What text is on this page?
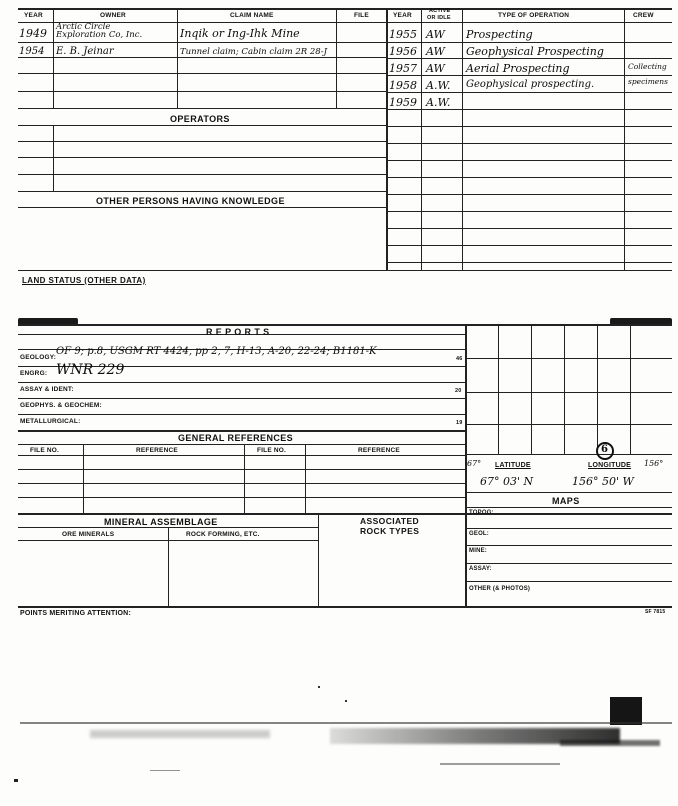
YEAR	OWNER	CLAIM NAME	FILE	YEAR
ACTIVE
OR IDLE	TYPE OF OPERATION	CREW
1949 Arctic Circle
Exploration Co, Inc.	Inqik or Ing-Ihk Mine
1954 E. B. Jeinar	Tunnel claim; Cabin claim 2R 28-J
1955 AW Prospecting
1956 AW Geophysical Prospecting
1957 AW Aerial Prospecting	Collecting
1958 A.W. Geophysical prospecting.	specimens
1959 A.W.
OPERATORS
OTHER PERSONS HAVING KNOWLEDGE
LAND STATUS (OTHER DATA)
R E P O R T S
GEOLOGY:
OF 9; p.8, USGM RT 4424, pp 2, 7, H-13, A-20, 22-24; B1181-K
46
ENGRG: WNR 229
ASSAY & IDENT:	20
GEOPHYS. & GEOCHEM:
METALLURGICAL:	19
GENERAL REFERENCES
FILE NO.	REFERENCE	FILE NO.	REFERENCE
67° LATITUDE	LONGITUDE 156°
6
67° 03' N	156° 50' W
MAPS
TOPOG:
GEOL:
MINE:
ASSAY:
OTHER (& PHOTOS)
MINERAL ASSEMBLAGE
ORE MINERALS	ROCK FORMING, ETC.
ASSOCIATED
ROCK TYPES
POINTS MERITING ATTENTION:	SF 7815
